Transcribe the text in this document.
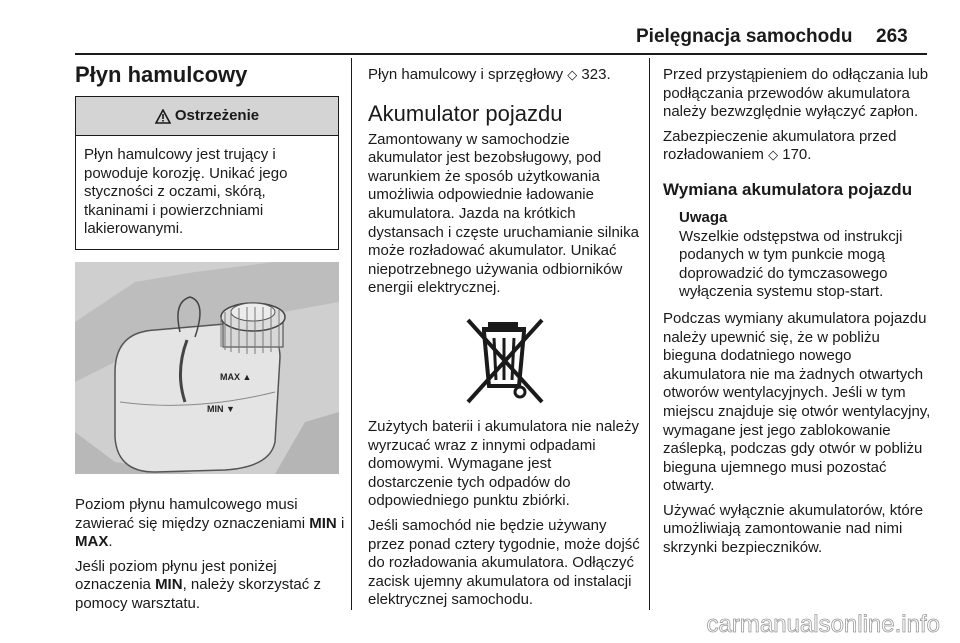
Pielęgnacja samochodu 263
Płyn hamulcowy
Ostrzeżenie
Płyn hamulcowy jest trujący i powoduje korozję. Unikać jego styczności z oczami, skórą, tkaninami i powierzchniami lakierowanymi.
MAX ▲
MIN ▼

Poziom płynu hamulcowego musi zawierać się między oznaczeniami MIN i MAX.

Jeśli poziom płynu jest poniżej oznaczenia MIN, należy skorzystać z pomocy warsztatu.

Płyn hamulcowy i sprzęgłowy ◇ 323.

Akumulator pojazdu

Zamontowany w samochodzie akumulator jest bezobsługowy, pod warunkiem że sposób użytkowania umożliwia odpowiednie ładowanie akumulatora. Jazda na krótkich dystansach i częste uruchamianie silnika może rozładować akumulator. Unikać niepotrzebnego używania odbiorników energii elektrycznej.

Zużytych baterii i akumulatora nie należy wyrzucać wraz z innymi odpadami domowymi. Wymagane jest dostarczenie tych odpadów do odpowiedniego punktu zbiórki.

Jeśli samochód nie będzie używany przez ponad cztery tygodnie, może dojść do rozładowania akumulatora. Odłączyć zacisk ujemny akumulatora od instalacji elektrycznej samochodu.

Przed przystąpieniem do odłączania lub podłączania przewodów akumulatora należy bezwzględnie wyłączyć zapłon.

Zabezpieczenie akumulatora przed rozładowaniem ◇ 170.

Wymiana akumulatora pojazdu
Uwaga
Wszelkie odstępstwa od instrukcji podanych w tym punkcie mogą doprowadzić do tymczasowego wyłączenia systemu stop-start.

Podczas wymiany akumulatora pojazdu należy upewnić się, że w pobliżu bieguna dodatniego nowego akumulatora nie ma żadnych otwartych otworów wentylacyjnych. Jeśli w tym miejscu znajduje się otwór wentylacyjny, wymagane jest jego zablokowanie zaślepką, podczas gdy otwór w pobliżu bieguna ujemnego musi pozostać otwarty.

Używać wyłącznie akumulatorów, które umożliwiają zamontowanie nad nimi skrzynki bezpieczników.

carmanualsonline.info
